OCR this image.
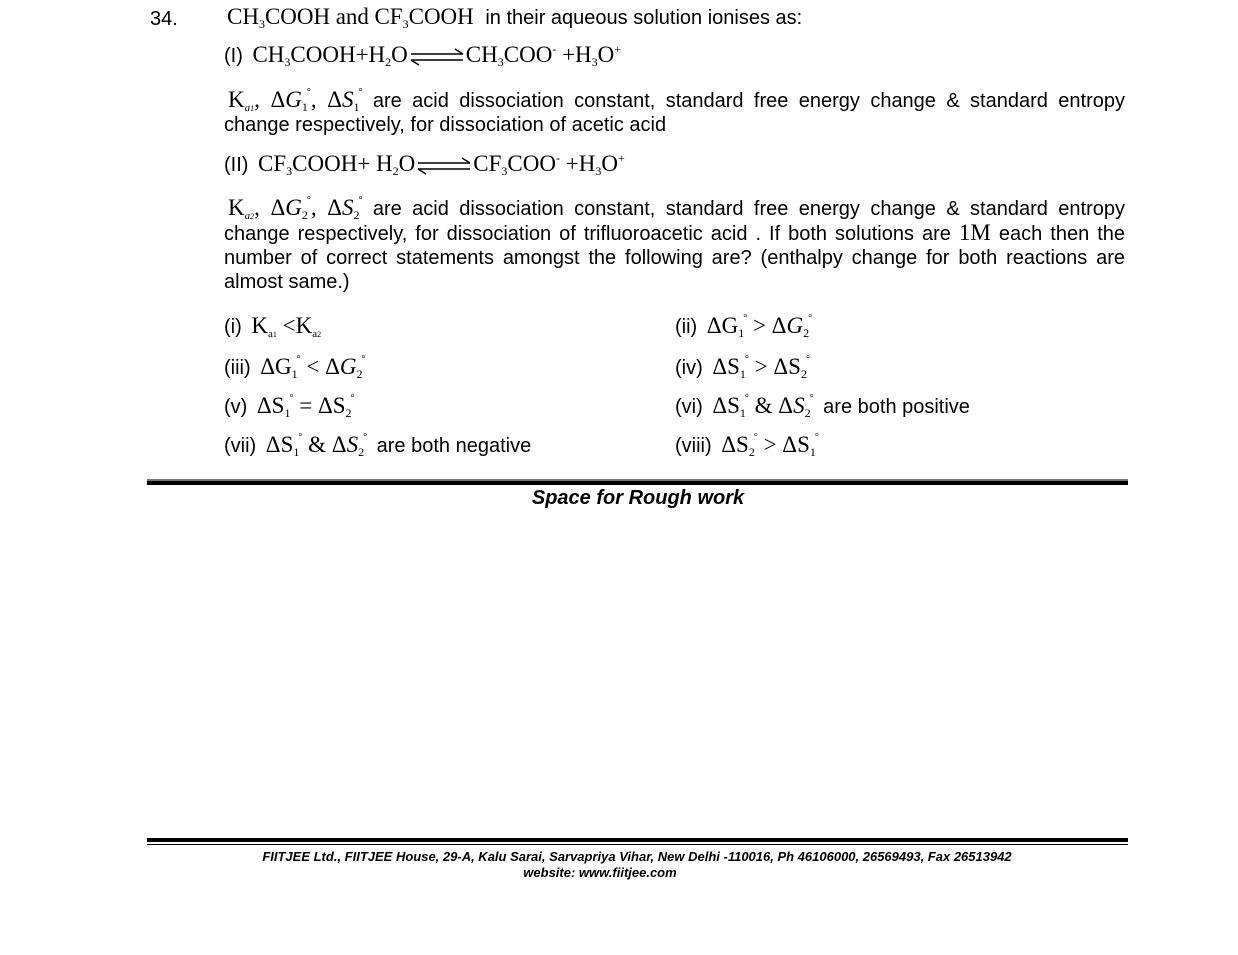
34. $CH_3COOH$ and $CF_3COOH$ in their aqueous solution ionises as:
(I) $CH_3COOH+H_2O\rightleftharpoons CH_3COO^- +H_3O^+$
$K_{a1}$, $\Delta G_1^\circ$, $\Delta S_1^\circ$ are acid dissociation constant, standard free energy change & standard entropy change respectively, for dissociation of acetic acid
(II) $CF_3COOH+$ $H_2O\rightleftharpoons CF_3COO^- +H_3O^+$
$K_{a2}$, $\Delta G_2^\circ$, $\Delta S_2^\circ$ are acid dissociation constant, standard free energy change & standard entropy change respectively, for dissociation of trifluoroacetic acid . If both solutions are 1M each then the number of correct statements amongst the following are? (enthalpy change for both reactions are almost same.)
(i) $K_{a1} <K_{a2}$	(ii) $\Delta G_1^\circ > \Delta G_2^\circ$
(iii) $\Delta G_1^\circ < \Delta G_2^\circ$	(iv) $\Delta S_1^\circ > \Delta S_2^\circ$
(v) $\Delta S_1^\circ = \Delta S_2^\circ$	(vi) $\Delta S_1^\circ$ & $\Delta S_2^\circ$ are both positive
(vii) $\Delta S_1^\circ$ & $\Delta S_2^\circ$ are both negative	(viii) $\Delta S_2^\circ > \Delta S_1^\circ$
Space for Rough work
FIITJEE Ltd., FIITJEE House, 29-A, Kalu Sarai, Sarvapriya Vihar, New Delhi -110016, Ph 46106000, 26569493, Fax 26513942
website: www.fiitjee.com
